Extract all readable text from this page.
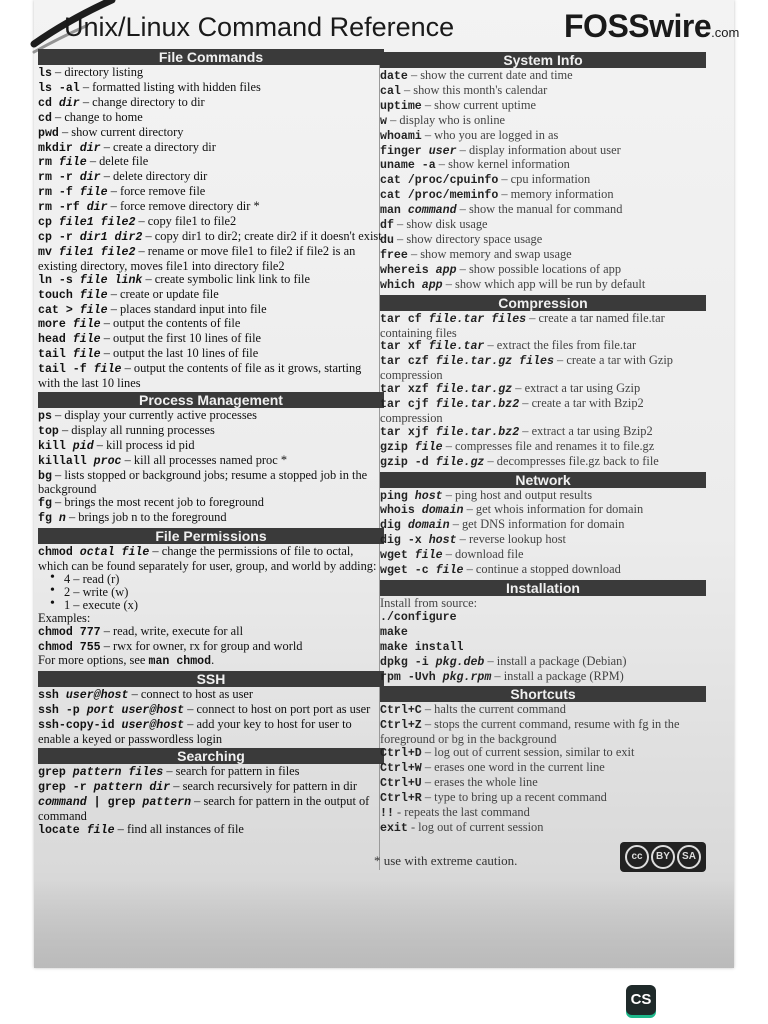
Unix/Linux Command Reference	FOSSwire.com
File Commands
ls – directory listing
ls -al – formatted listing with hidden files
cd dir – change directory to dir
cd – change to home
pwd – show current directory
mkdir dir – create a directory dir
rm file – delete file
rm -r dir – delete directory dir
rm -f file – force remove file
rm -rf dir – force remove directory dir *
cp file1 file2 – copy file1 to file2
cp -r dir1 dir2 – copy dir1 to dir2; create dir2 if it doesn't exist
mv file1 file2 – rename or move file1 to file2 if file2 is an existing directory, moves file1 into directory file2
ln -s file link – create symbolic link link to file
touch file – create or update file
cat > file – places standard input into file
more file – output the contents of file
head file – output the first 10 lines of file
tail file – output the last 10 lines of file
tail -f file – output the contents of file as it grows, starting with the last 10 lines
Process Management
ps – display your currently active processes
top – display all running processes
kill pid – kill process id pid
killall proc – kill all processes named proc *
bg – lists stopped or background jobs; resume a stopped job in the background
fg – brings the most recent job to foreground
fg n – brings job n to the foreground
File Permissions
chmod octal file – change the permissions of file to octal, which can be found separately for user, group, and world by adding:
• 4 – read (r)
• 2 – write (w)
• 1 – execute (x)
Examples:
chmod 777 – read, write, execute for all
chmod 755 – rwx for owner, rx for group and world
For more options, see man chmod.
SSH
ssh user@host – connect to host as user
ssh -p port user@host – connect to host on port port as user
ssh-copy-id user@host – add your key to host for user to enable a keyed or passwordless login
Searching
grep pattern files – search for pattern in files
grep -r pattern dir – search recursively for pattern in dir
command | grep pattern – search for pattern in the output of command
locate file – find all instances of file
System Info
date – show the current date and time
cal – show this month's calendar
uptime – show current uptime
w – display who is online
whoami – who you are logged in as
finger user – display information about user
uname -a – show kernel information
cat /proc/cpuinfo – cpu information
cat /proc/meminfo – memory information
man command – show the manual for command
df – show disk usage
du – show directory space usage
free – show memory and swap usage
whereis app – show possible locations of app
which app – show which app will be run by default
Compression
tar cf file.tar files – create a tar named file.tar containing files
tar xf file.tar – extract the files from file.tar
tar czf file.tar.gz files – create a tar with Gzip compression
tar xzf file.tar.gz – extract a tar using Gzip
tar cjf file.tar.bz2 – create a tar with Bzip2 compression
tar xjf file.tar.bz2 – extract a tar using Bzip2
gzip file – compresses file and renames it to file.gz
gzip -d file.gz – decompresses file.gz back to file
Network
ping host – ping host and output results
whois domain – get whois information for domain
dig domain – get DNS information for domain
dig -x host – reverse lookup host
wget file – download file
wget -c file – continue a stopped download
Installation
Install from source:
./configure
make
make install
dpkg -i pkg.deb – install a package (Debian)
rpm -Uvh pkg.rpm – install a package (RPM)
Shortcuts
Ctrl+C – halts the current command
Ctrl+Z – stops the current command, resume with fg in the foreground or bg in the background
Ctrl+D – log out of current session, similar to exit
Ctrl+W – erases one word in the current line
Ctrl+U – erases the whole line
Ctrl+R – type to bring up a recent command
!! - repeats the last command
exit - log out of current session
* use with extreme caution.	cc	BY	SA
CS
